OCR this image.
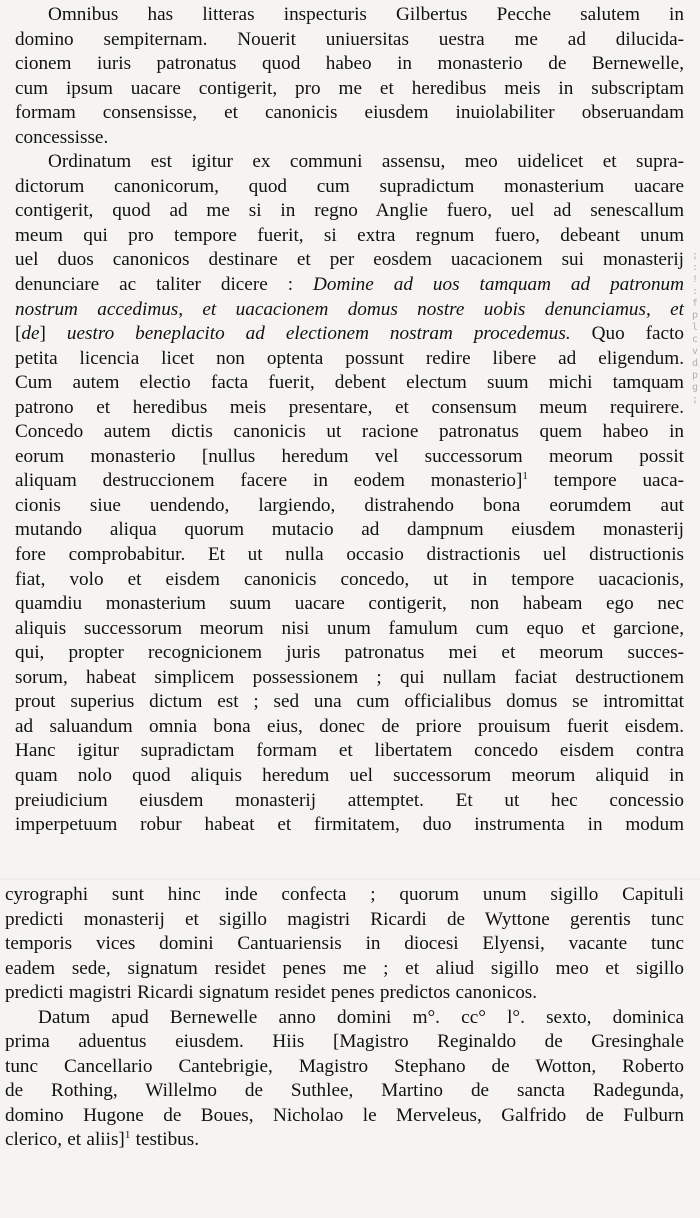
Omnibus has litteras inspecturis Gilbertus Pecche salutem in
domino sempiternam. Nouerit uniuersitas uestra me ad dilucida-
cionem iuris patronatus quod habeo in monasterio de Bernewelle,
cum ipsum uacare contigerit, pro me et heredibus meis in subscriptam
formam consensisse, et canonicis eiusdem inuiolabiliter obseruandam
concessisse.
Ordinatum est igitur ex communi assensu, meo uidelicet et supra-
dictorum canonicorum, quod cum supradictum monasterium uacare
contigerit, quod ad me si in regno Anglie fuero, uel ad senescallum
meum qui pro tempore fuerit, si extra regnum fuero, debeant unum
uel duos canonicos destinare et per eosdem uacacionem sui monasterij
denunciare ac taliter dicere : Domine ad uos tamquam ad patronum
nostrum accedimus, et uacacionem domus nostre uobis denunciamus, et
[de] uestro beneplacito ad electionem nostram procedemus. Quo facto
petita licencia licet non optenta possunt redire libere ad eligendum.
Cum autem electio facta fuerit, debent electum suum michi tamquam
patrono et heredibus meis presentare, et consensum meum requirere.
Concedo autem dictis canonicis ut racione patronatus quem habeo in
eorum monasterio [nullus heredum vel successorum meorum possit
aliquam destruccionem facere in eodem monasterio]$^1$ tempore uaca-
cionis siue uendendo, largiendo, distrahendo bona eorumdem aut
mutando aliqua quorum mutacio ad dampnum eiusdem monasterij
fore comprobabitur. Et ut nulla occasio distractionis uel distructionis
fiat, volo et eisdem canonicis concedo, ut in tempore uacacionis,
quamdiu monasterium suum uacare contigerit, non habeam ego nec
aliquis successorum meorum nisi unum famulum cum equo et garcione,
qui, propter recognicionem juris patronatus mei et meorum succes-
sorum, habeat simplicem possessionem ; qui nullam faciat destructionem
prout superius dictum est ; sed una cum officialibus domus se intromittat
ad saluandum omnia bona eius, donec de priore prouisum fuerit eisdem.
Hanc igitur supradictam formam et libertatem concedo eisdem contra
quam nolo quod aliquis heredum uel successorum meorum aliquid in
preiudicium eiusdem monasterij attemptet. Et ut hec concessio
imperpetuum robur habeat et firmitatem, duo instrumenta in modum
cyrographi sunt hinc inde confecta ; quorum unum sigillo Capituli
predicti monasterij et sigillo magistri Ricardi de Wyttone gerentis tunc
temporis vices domini Cantuariensis in diocesi Elyensi, vacante tunc
eadem sede, signatum residet penes me ; et aliud sigillo meo et sigillo
predicti magistri Ricardi signatum residet penes predictos canonicos.
Datum apud Bernewelle anno domini m°. cc° l°. sexto, dominica
prima aduentus eiusdem. Hiis [Magistro Reginaldo de Gresinghale
tunc Cancellario Cantebrigie, Magistro Stephano de Wotton, Roberto
de Rothing, Willelmo de Suthlee, Martino de sancta Radegunda,
domino Hugone de Boues, Nicholao le Merveleus, Galfrido de Fulburn
clerico, et aliis]$^1$ testibus.
;
:
!
:
f
p
l
c
v
d
p
g
;
